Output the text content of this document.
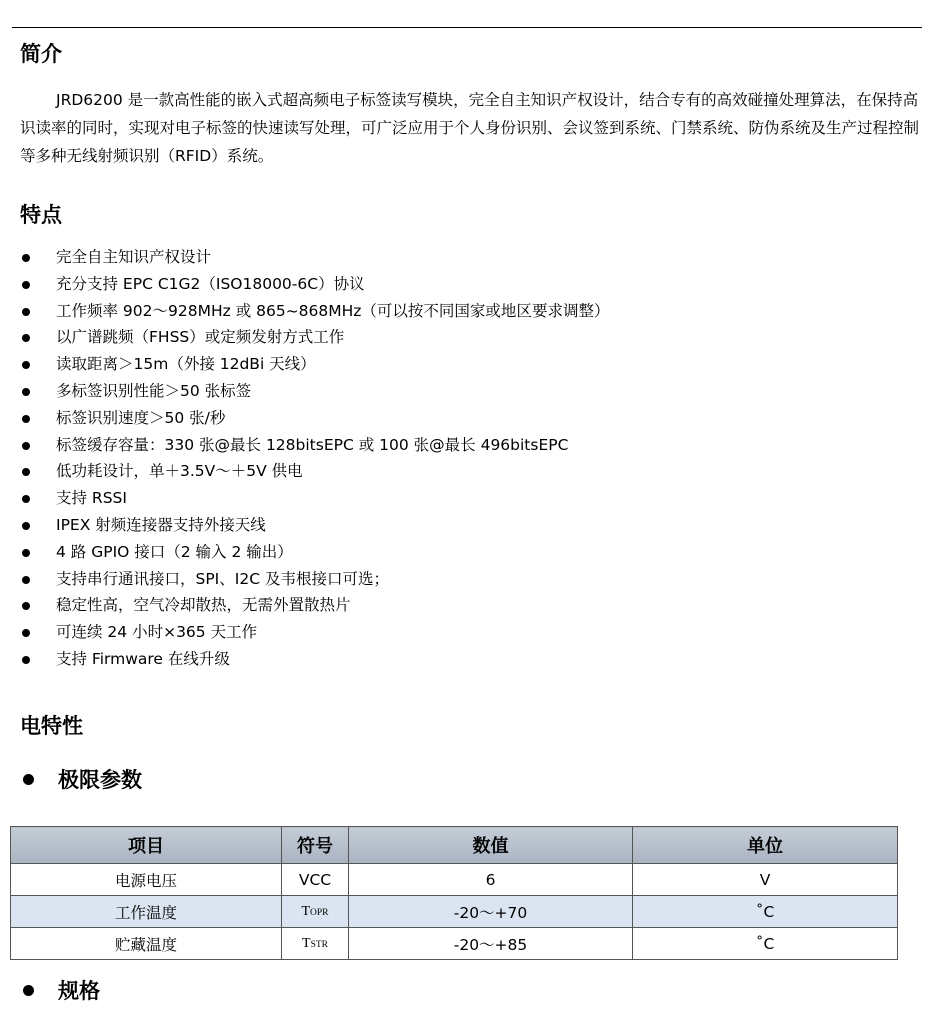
简介

JRD6200 是一款高性能的嵌入式超高频电子标签读写模块，完全自主知识产权设计，结合专有的高效碰撞处理算法，在保持高识读率的同时，实现对电子标签的快速读写处理，可广泛应用于个人身份识别、会议签到系统、门禁系统、防伪系统及生产过程控制等多种无线射频识别（RFID）系统。

特点
完全自主知识产权设计
充分支持 EPC C1G2（ISO18000-6C）协议
工作频率 902～928MHz 或 865~868MHz（可以按不同国家或地区要求调整）
以广谱跳频（FHSS）或定频发射方式工作
读取距离＞15m（外接 12dBi 天线）
多标签识别性能＞50 张标签
标签识别速度＞50 张/秒
标签缓存容量：330 张@最长 128bitsEPC 或 100 张@最长 496bitsEPC
低功耗设计，单＋3.5V～＋5V 供电
支持 RSSI
IPEX 射频连接器支持外接天线
4 路 GPIO 接口（2 输入 2 输出）
支持串行通讯接口，SPI、I2C 及韦根接口可选；
稳定性高，空气冷却散热，无需外置散热片
可连续 24 小时×365 天工作
支持 Firmware 在线升级
电特性
极限参数
项目	符号	数值	单位
电源电压	VCC	6	V
工作温度	TOPR	-20～+70	˚C
贮藏温度	TSTR	-20～+85	˚C
规格
